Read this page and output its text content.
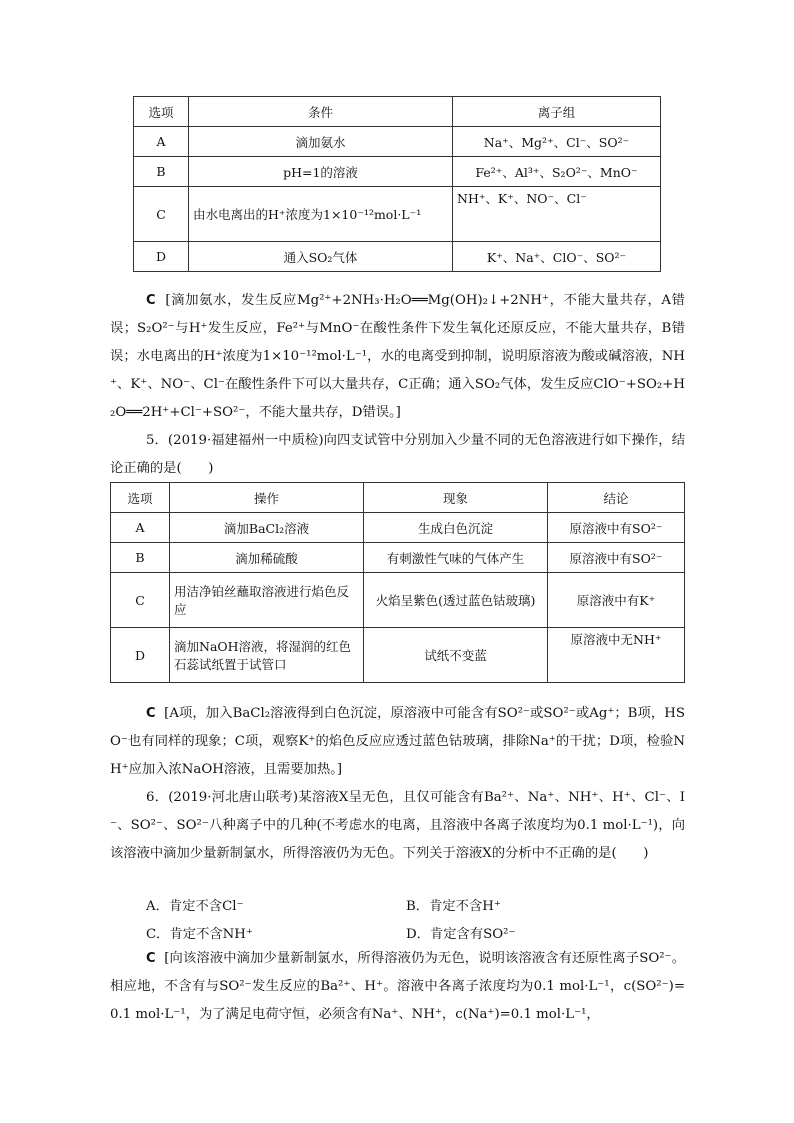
选项	条件	离子组
A	滴加氨水	Na⁺、Mg²⁺、Cl⁻、SO²⁻
B	pH=1的溶液	Fe²⁺、Al³⁺、S₂O²⁻、MnO⁻
C	由水电离出的H⁺浓度为1×10⁻¹²mol·L⁻¹	NH⁺、K⁺、NO⁻、Cl⁻
D	通入SO₂气体	K⁺、Na⁺、ClO⁻、SO²⁻

C [滴加氨水，发生反应Mg²⁺+2NH₃·H₂O══Mg(OH)₂↓+2NH⁺，不能大量共存，A错误；S₂O²⁻与H⁺发生反应，Fe²⁺与MnO⁻在酸性条件下发生氧化还原反应，不能大量共存，B错误；水电离出的H⁺浓度为1×10⁻¹²mol·L⁻¹，水的电离受到抑制，说明原溶液为酸或碱溶液，NH⁺、K⁺、NO⁻、Cl⁻在酸性条件下可以大量共存，C正确；通入SO₂气体，发生反应ClO⁻+SO₂+H₂O══2H⁺+Cl⁻+SO²⁻，不能大量共存，D错误。]

5．(2019·福建福州一中质检)向四支试管中分别加入少量不同的无色溶液进行如下操作，结论正确的是(　　)

选项	操作	现象	结论
A	滴加BaCl₂溶液	生成白色沉淀	原溶液中有SO²⁻
B	滴加稀硫酸	有刺激性气味的气体产生	原溶液中有SO²⁻
C	用洁净铂丝蘸取溶液进行焰色反应	火焰呈紫色(透过蓝色钴玻璃)	原溶液中有K⁺
D	滴加NaOH溶液，将湿润的红色石蕊试纸置于试管口	试纸不变蓝	原溶液中无NH⁺

C [A项，加入BaCl₂溶液得到白色沉淀，原溶液中可能含有SO²⁻或SO²⁻或Ag⁺；B项，HSO⁻也有同样的现象；C项，观察K⁺的焰色反应应透过蓝色钴玻璃，排除Na⁺的干扰；D项，检验NH⁺应加入浓NaOH溶液，且需要加热。]

6．(2019·河北唐山联考)某溶液X呈无色，且仅可能含有Ba²⁺、Na⁺、NH⁺、H⁺、Cl⁻、I⁻、SO²⁻、SO²⁻八种离子中的几种(不考虑水的电离，且溶液中各离子浓度均为0.1 mol·L⁻¹)，向该溶液中滴加少量新制氯水，所得溶液仍为无色。下列关于溶液X的分析中不正确的是(　　)

A．肯定不含Cl⁻	B．肯定不含H⁺
C．肯定不含NH⁺	D．肯定含有SO²⁻

C [向该溶液中滴加少量新制氯水，所得溶液仍为无色，说明该溶液含有还原性离子SO²⁻。相应地，不含有与SO²⁻发生反应的Ba²⁺、H⁺。溶液中各离子浓度均为0.1 mol·L⁻¹，c(SO²⁻)=0.1 mol·L⁻¹，为了满足电荷守恒，必须含有Na⁺、NH⁺，c(Na⁺)=0.1 mol·L⁻¹，
